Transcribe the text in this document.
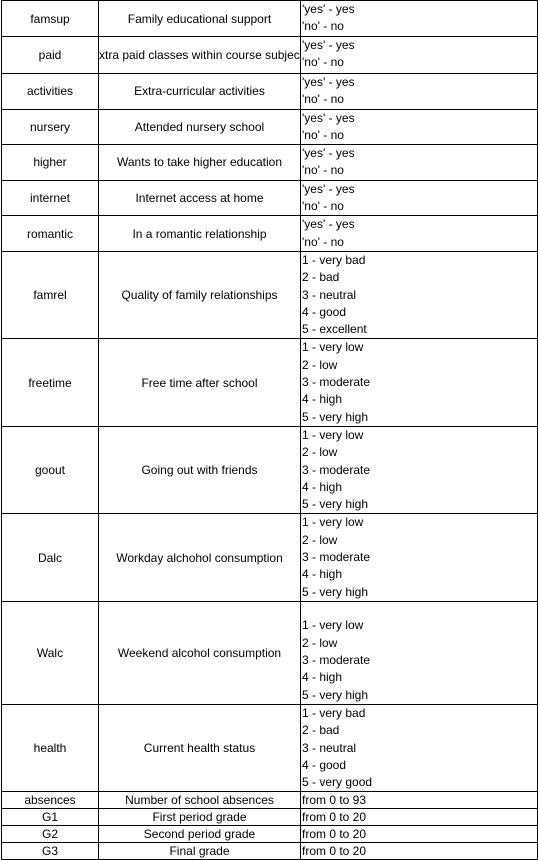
famsup	Family educational support	'yes' - yes
'no' - no

paid	xtra paid classes within course subjec	'yes' - yes
'no' - no

activities	Extra-curricular activities	'yes' - yes
'no' - no

nursery	Attended nursery school	'yes' - yes
'no' - no

higher	Wants to take higher education	'yes' - yes
'no' - no

internet	Internet access at home	'yes' - yes
'no' - no

romantic	In a romantic relationship	'yes' - yes
'no' - no

famrel	Quality of family relationships	1 - very bad
2 - bad
3 - neutral
4 - good
5 - excellent

freetime	Free time after school	1 - very low
2 - low
3 - moderate
4 - high
5 - very high

goout	Going out with friends	1 - very low
2 - low
3 - moderate
4 - high
5 - very high

Dalc	Workday alchohol consumption	1 - very low
2 - low
3 - moderate
4 - high
5 - very high

Walc	Weekend alcohol consumption	1 - very low
2 - low
3 - moderate
4 - high
5 - very high

health	Current health status	1 - very bad
2 - bad
3 - neutral
4 - good
5 - very good

absences	Number of school absences	from 0 to 93
G1	First period grade	from 0 to 20
G2	Second period grade	from 0 to 20
G3	Final grade	from 0 to 20
